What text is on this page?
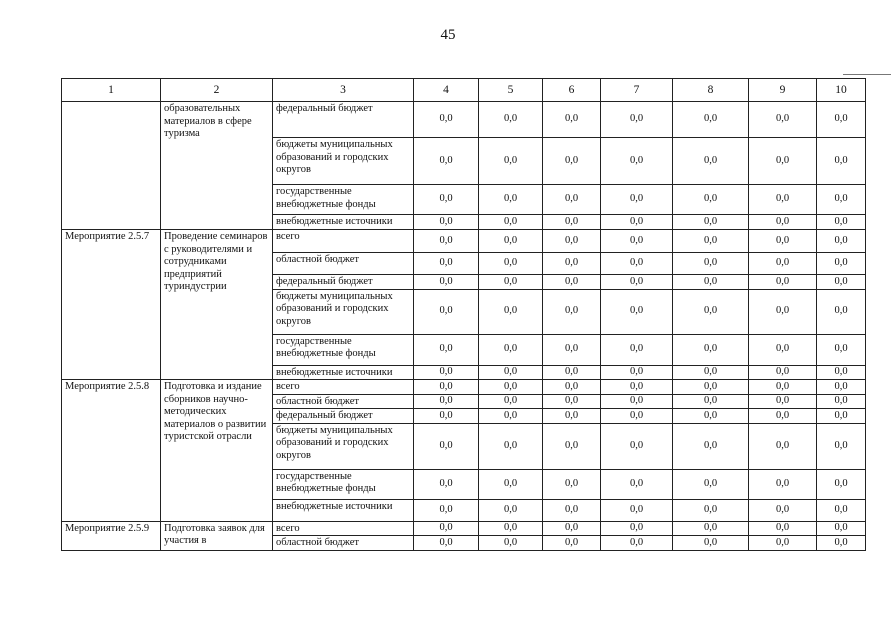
45
1	2	3	4	5	6	7	8	9	10
	образовательных материалов в сфере туризма	федеральный бюджет	0,0	0,0	0,0	0,0	0,0	0,0	0,0
		бюджеты муниципальных образований и городских округов	0,0	0,0	0,0	0,0	0,0	0,0	0,0
		государственные внебюджетные фонды	0,0	0,0	0,0	0,0	0,0	0,0	0,0
		внебюджетные источники	0,0	0,0	0,0	0,0	0,0	0,0	0,0
Мероприятие 2.5.7	Проведение семинаров с руководителями и сотрудниками предприятий туриндустрии	всего	0,0	0,0	0,0	0,0	0,0	0,0	0,0
		областной бюджет	0,0	0,0	0,0	0,0	0,0	0,0	0,0
		федеральный бюджет	0,0	0,0	0,0	0,0	0,0	0,0	0,0
		бюджеты муниципальных образований и городских округов	0,0	0,0	0,0	0,0	0,0	0,0	0,0
		государственные внебюджетные фонды	0,0	0,0	0,0	0,0	0,0	0,0	0,0
		внебюджетные источники	0,0	0,0	0,0	0,0	0,0	0,0	0,0
Мероприятие 2.5.8	Подготовка и издание сборников научно-методических материалов о развитии туристской отрасли	всего	0,0	0,0	0,0	0,0	0,0	0,0	0,0
		областной бюджет	0,0	0,0	0,0	0,0	0,0	0,0	0,0
		федеральный бюджет	0,0	0,0	0,0	0,0	0,0	0,0	0,0
		бюджеты муниципальных образований и городских округов	0,0	0,0	0,0	0,0	0,0	0,0	0,0
		государственные внебюджетные фонды	0,0	0,0	0,0	0,0	0,0	0,0	0,0
		внебюджетные источники	0,0	0,0	0,0	0,0	0,0	0,0	0,0
Мероприятие 2.5.9	Подготовка заявок для участия в	всего	0,0	0,0	0,0	0,0	0,0	0,0	0,0
		областной бюджет	0,0	0,0	0,0	0,0	0,0	0,0	0,0
